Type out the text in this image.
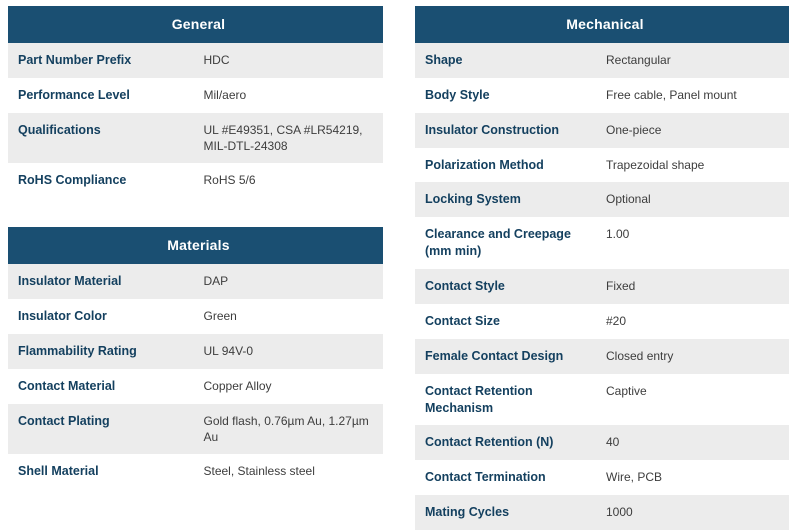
General	
Part Number Prefix	HDC
Performance Level	Mil/aero
Qualifications	UL #E49351, CSA #LR54219, MIL-DTL-24308
RoHS Compliance	RoHS 5/6
Materials	
Insulator Material	DAP
Insulator Color	Green
Flammability Rating	UL 94V-0
Contact Material	Copper Alloy
Contact Plating	Gold flash, 0.76µm Au, 1.27µm Au
Shell Material	Steel, Stainless steel
Mechanical	
Shape	Rectangular
Body Style	Free cable, Panel mount
Insulator Construction	One-piece
Polarization Method	Trapezoidal shape
Locking System	Optional
Clearance and Creepage (mm min)	1.00
Contact Style	Fixed
Contact Size	#20
Female Contact Design	Closed entry
Contact Retention Mechanism	Captive
Contact Retention (N)	40
Contact Termination	Wire, PCB
Mating Cycles	1000
